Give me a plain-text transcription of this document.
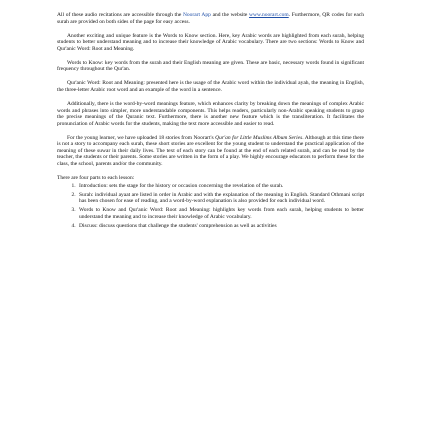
All of these audio recitations are accessible through the Noorart App and the website www.noorart.com. Furthermore, QR codes for each surah are provided on both sides of the page for easy access.

Another exciting and unique feature is the Words to Know section. Here, key Arabic words are highlighted from each surah, helping students to better understand meaning and to increase their knowledge of Arabic vocabulary. There are two sections: Words to Know and Qur'anic Word: Root and Meaning.

Words to Know: key words from the surah and their English meaning are given. These are basic, necessary words found in significant frequency throughout the Qur'an.

Qur'anic Word: Root and Meaning: presented here is the usage of the Arabic word within the individual ayah, the meaning in English, the three-letter Arabic root word and an example of the word in a sentence.

Additionally, there is the word-by-word meanings feature, which enhances clarity by breaking down the meanings of complex Arabic words and phrases into simpler, more understandable components. This helps readers, particularly non-Arabic speaking students to grasp the precise meanings of the Quranic text. Furthermore, there is another new feature which is the transliteration. It facilitates the pronunciation of Arabic words for the students, making the text more accessible and easier to read.

For the young learner, we have uploaded 18 stories from Noorart's Qur'an for Little Muslims Album Series. Although at this time there is not a story to accompany each surah, these short stories are excellent for the young student to understand the practical application of the meaning of these suwar in their daily lives. The text of each story can be found at the end of each related surah, and can be read by the teacher, the students or their parents. Some stories are written in the form of a play. We highly encourage educators to perform these for the class, the school, parents and/or the community.

There are four parts to each lesson:

1. Introduction: sets the stage for the history or occasion concerning the revelation of the surah.
2. Surah: individual ayaat are listed in order in Arabic and with the explanation of the meaning in English. Standard Othmani script has been chosen for ease of reading, and a word-by-word explanation is also provided for each individual word.
3. Words to Know and Qur'anic Word: Root and Meaning: highlights key words from each surah, helping students to better understand the meaning and to increase their knowledge of Arabic vocabulary.
4. Discuss: discuss questions that challenge the students' comprehension as well as activities
